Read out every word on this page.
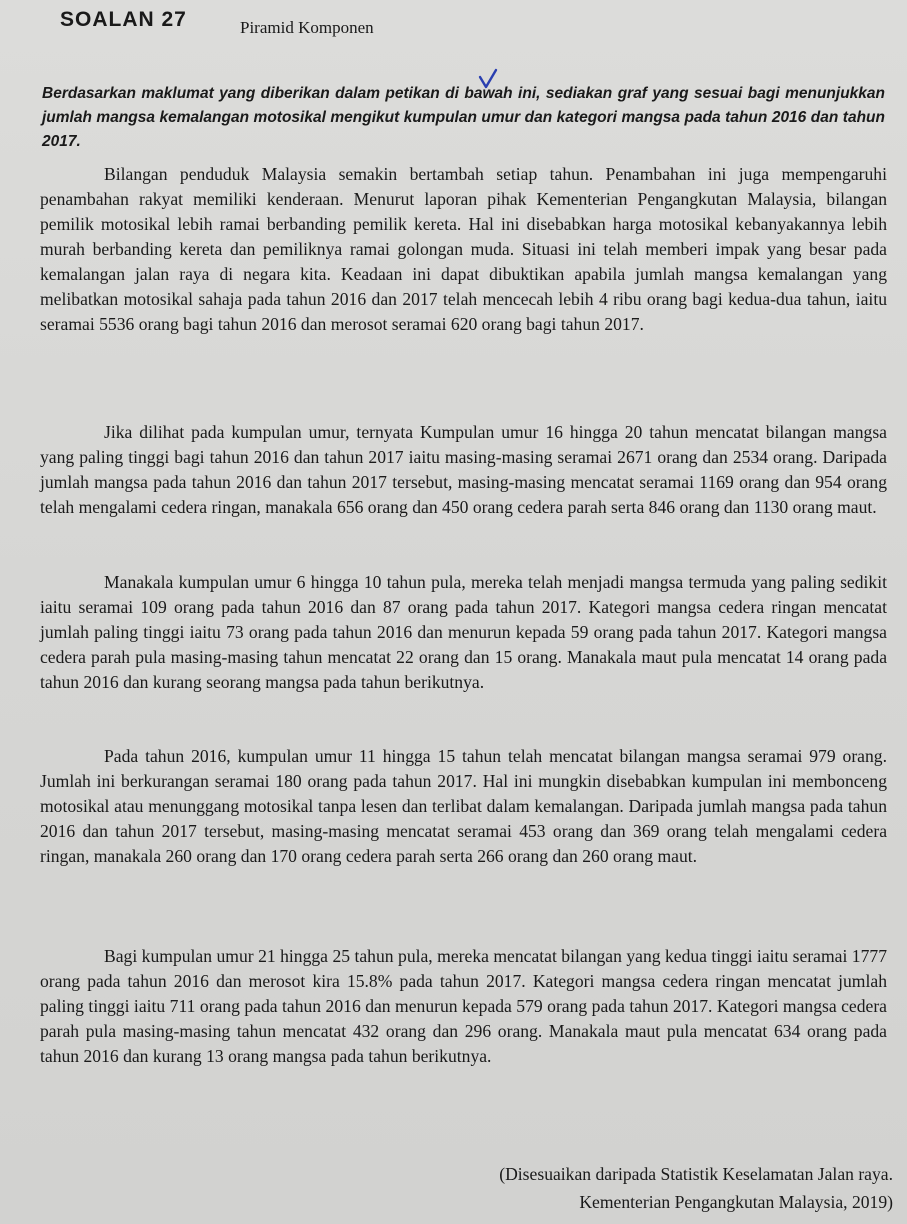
SOALAN 27	Piramid Komponen
Berdasarkan maklumat yang diberikan dalam petikan di bawah ini, sediakan graf yang sesuai bagi menunjukkan jumlah mangsa kemalangan motosikal mengikut kumpulan umur dan kategori mangsa pada tahun 2016 dan tahun 2017.

Bilangan penduduk Malaysia semakin bertambah setiap tahun. Penambahan ini juga mempengaruhi penambahan rakyat memiliki kenderaan. Menurut laporan pihak Kementerian Pengangkutan Malaysia, bilangan pemilik motosikal lebih ramai berbanding pemilik kereta. Hal ini disebabkan harga motosikal kebanyakannya lebih murah berbanding kereta dan pemiliknya ramai golongan muda. Situasi ini telah memberi impak yang besar pada kemalangan jalan raya di negara kita. Keadaan ini dapat dibuktikan apabila jumlah mangsa kemalangan yang melibatkan motosikal sahaja pada tahun 2016 dan 2017 telah mencecah lebih 4 ribu orang bagi kedua-dua tahun, iaitu seramai 5536 orang bagi tahun 2016 dan merosot seramai 620 orang bagi tahun 2017.

Jika dilihat pada kumpulan umur, ternyata Kumpulan umur 16 hingga 20 tahun mencatat bilangan mangsa yang paling tinggi bagi tahun 2016 dan tahun 2017 iaitu masing-masing seramai 2671 orang dan 2534 orang. Daripada jumlah mangsa pada tahun 2016 dan tahun 2017 tersebut, masing-masing mencatat seramai 1169 orang dan 954 orang telah mengalami cedera ringan, manakala 656 orang dan 450 orang cedera parah serta 846 orang dan 1130 orang maut.

Manakala kumpulan umur 6 hingga 10 tahun pula, mereka telah menjadi mangsa termuda yang paling sedikit iaitu seramai 109 orang pada tahun 2016 dan 87 orang pada tahun 2017. Kategori mangsa cedera ringan mencatat jumlah paling tinggi iaitu 73 orang pada tahun 2016 dan menurun kepada 59 orang pada tahun 2017. Kategori mangsa cedera parah pula masing-masing tahun mencatat 22 orang dan 15 orang. Manakala maut pula mencatat 14 orang pada tahun 2016 dan kurang seorang mangsa pada tahun berikutnya.

Pada tahun 2016, kumpulan umur 11 hingga 15 tahun telah mencatat bilangan mangsa seramai 979 orang. Jumlah ini berkurangan seramai 180 orang pada tahun 2017. Hal ini mungkin disebabkan kumpulan ini membonceng motosikal atau menunggang motosikal tanpa lesen dan terlibat dalam kemalangan. Daripada jumlah mangsa pada tahun 2016 dan tahun 2017 tersebut, masing-masing mencatat seramai 453 orang dan 369 orang telah mengalami cedera ringan, manakala 260 orang dan 170 orang cedera parah serta 266 orang dan 260 orang maut.

Bagi kumpulan umur 21 hingga 25 tahun pula, mereka mencatat bilangan yang kedua tinggi iaitu seramai 1777 orang pada tahun 2016 dan merosot kira 15.8% pada tahun 2017. Kategori mangsa cedera ringan mencatat jumlah paling tinggi iaitu 711 orang pada tahun 2016 dan menurun kepada 579 orang pada tahun 2017. Kategori mangsa cedera parah pula masing-masing tahun mencatat 432 orang dan 296 orang. Manakala maut pula mencatat 634 orang pada tahun 2016 dan kurang 13 orang mangsa pada tahun berikutnya.

(Disesuaikan daripada Statistik Keselamatan Jalan raya.
Kementerian Pengangkutan Malaysia, 2019)
